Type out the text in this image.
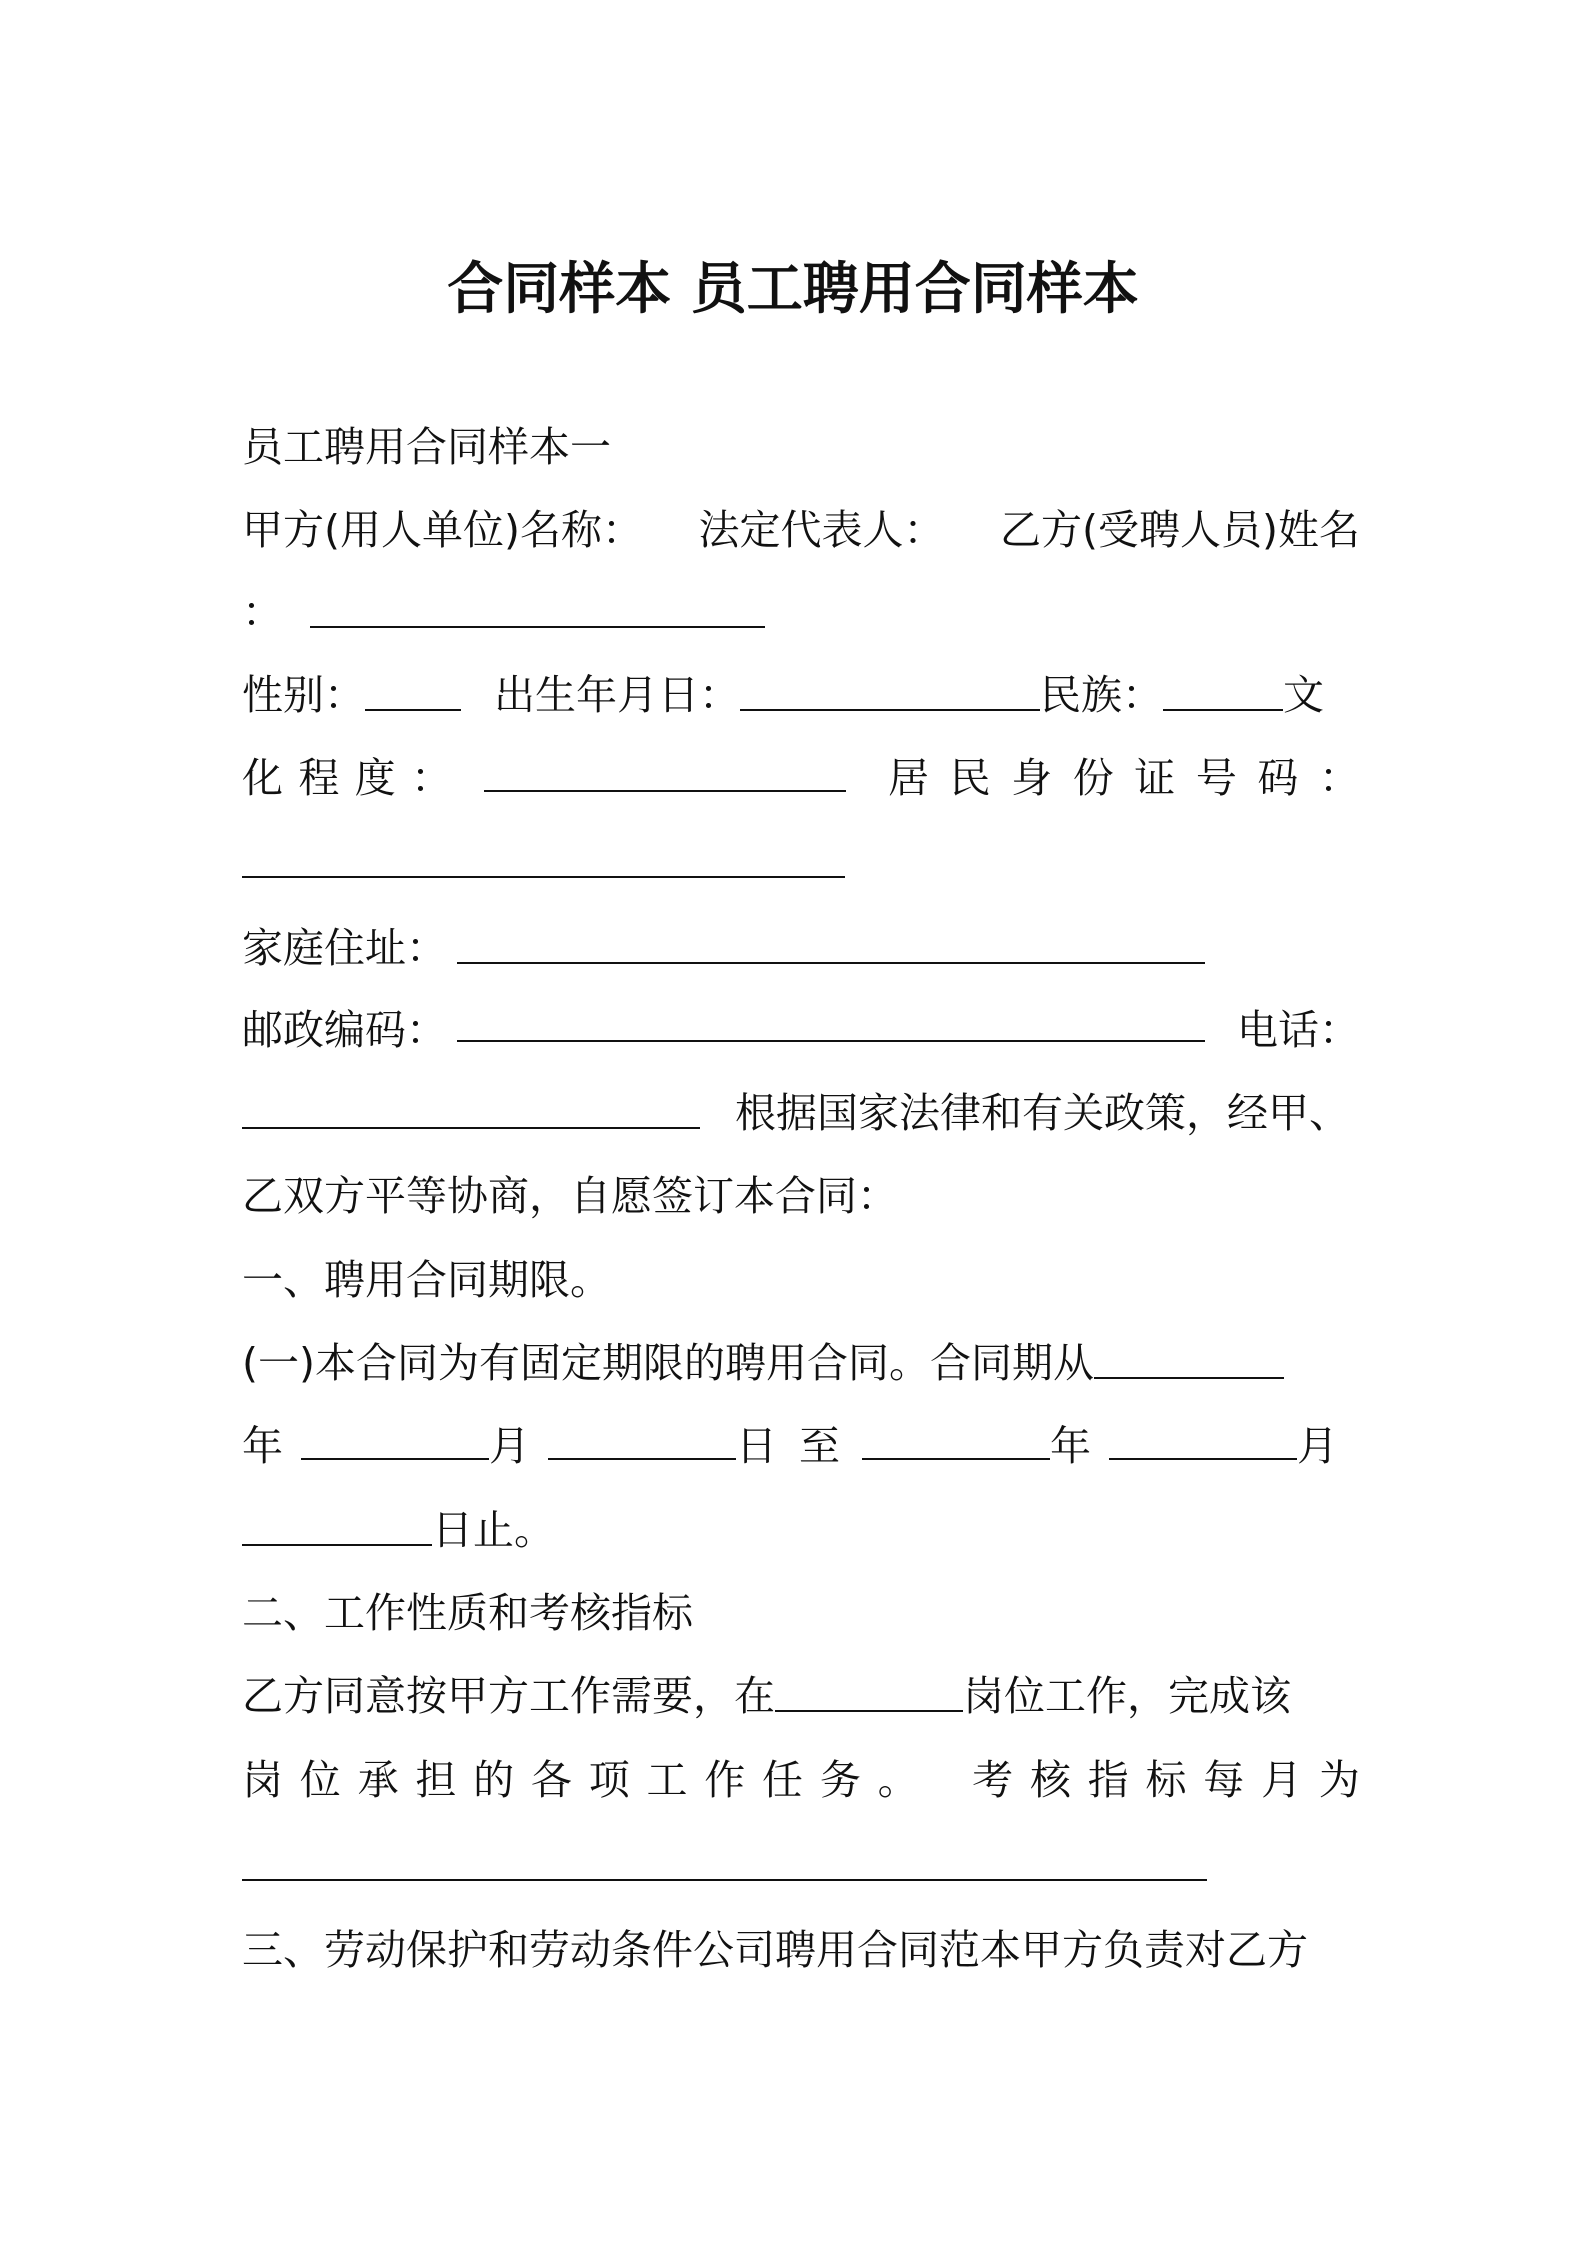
合同样本 员工聘用合同样本
员工聘用合同样本一
甲方(用人单位)名称： 法定代表人： 乙方(受聘人员)姓名
：
性别：	出生年月日：	民族：	文
化 程 度 ：	居 民 身 份 证 号 码 ：
家庭住址：
邮政编码：	电话：
根据国家法律和有关政策，经甲、
乙双方平等协商，自愿签订本合同：
一、聘用合同期限。
(一)本合同为有固定期限的聘用合同。合同期从
年	月	日至	年	月
日止。
二、工作性质和考核指标
乙方同意按甲方工作需要，在	岗位工作，完成该
岗 位 承 担 的 各 项 工 作 任 务 。 考 核 指 标 每 月 为
三、劳动保护和劳动条件公司聘用合同范本甲方负责对乙方
